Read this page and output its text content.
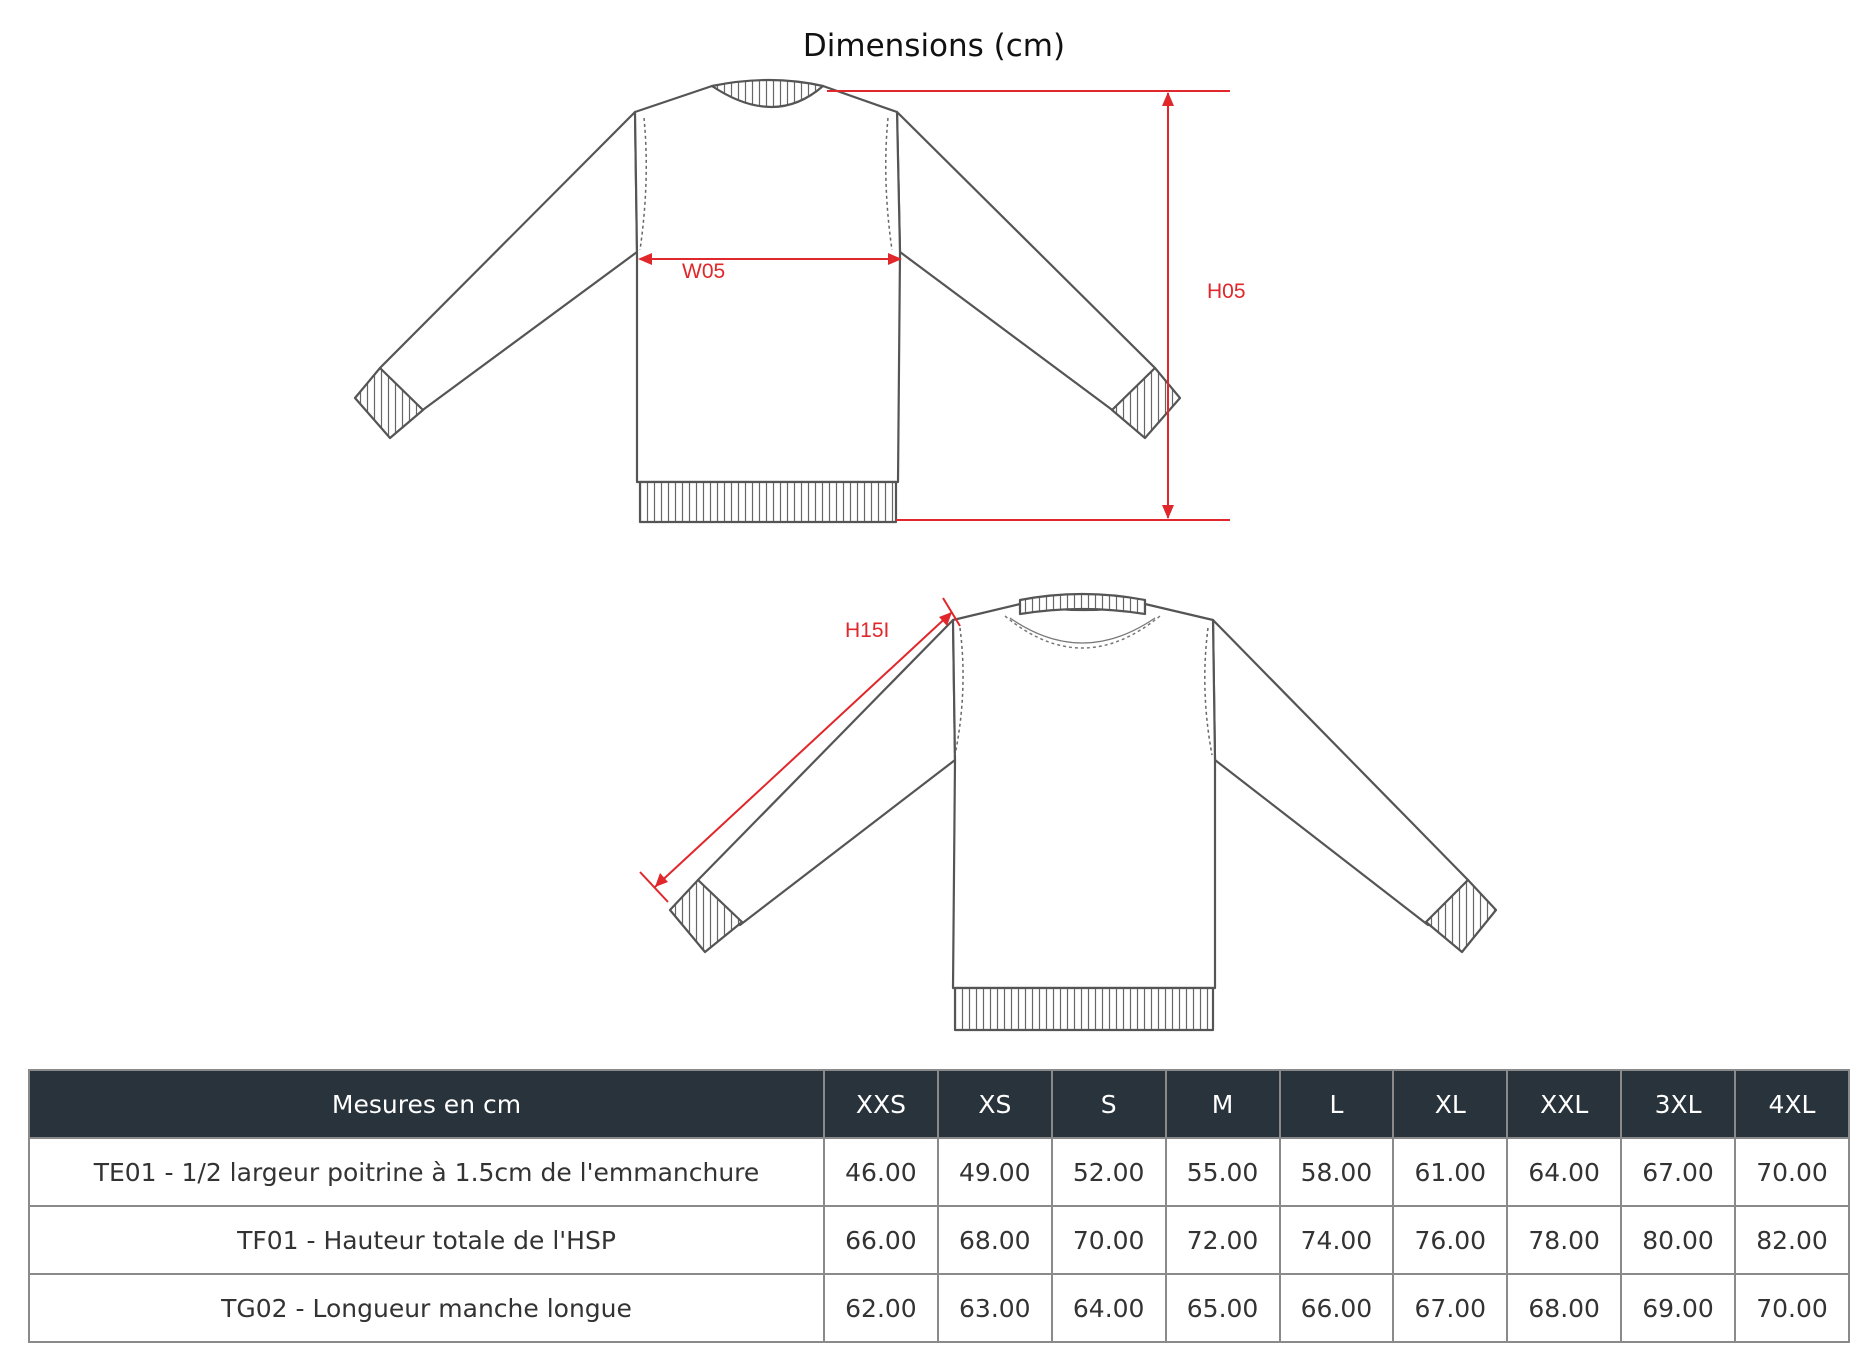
Dimensions (cm)
W05
H05
H15I
Mesures en cm	XXS	XS	S	M	L	XL	XXL	3XL	4XL
TE01 - 1/2 largeur poitrine à 1.5cm de l'emmanchure	46.00	49.00	52.00	55.00	58.00	61.00	64.00	67.00	70.00
TF01 - Hauteur totale de l'HSP	66.00	68.00	70.00	72.00	74.00	76.00	78.00	80.00	82.00
TG02 - Longueur manche longue	62.00	63.00	64.00	65.00	66.00	67.00	68.00	69.00	70.00
